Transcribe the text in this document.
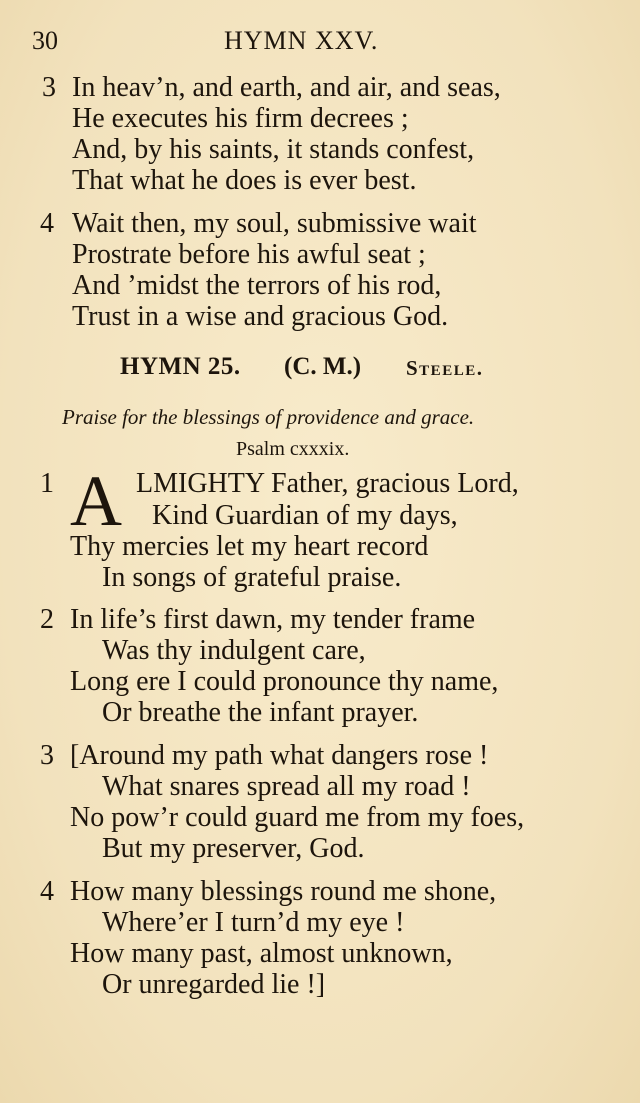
30	HYMN XXV.
3 In heav’n, and earth, and air, and seas,
He executes his firm decrees ;
And, by his saints, it stands confest,
That what he does is ever best.
4 Wait then, my soul, submissive wait
Prostrate before his awful seat ;
And ’midst the terrors of his rod,
Trust in a wise and gracious God.
HYMN 25. (C. M.) Steele.
Praise for the blessings of providence and grace.
Psalm cxxxix.
1 A LMIGHTY Father, gracious Lord,
Kind Guardian of my days,
Thy mercies let my heart record
In songs of grateful praise.
2 In life’s first dawn, my tender frame
Was thy indulgent care,
Long ere I could pronounce thy name,
Or breathe the infant prayer.
3 [Around my path what dangers rose !
What snares spread all my road !
No pow’r could guard me from my foes,
But my preserver, God.
4 How many blessings round me shone,
Where’er I turn’d my eye !
How many past, almost unknown,
Or unregarded lie !]
